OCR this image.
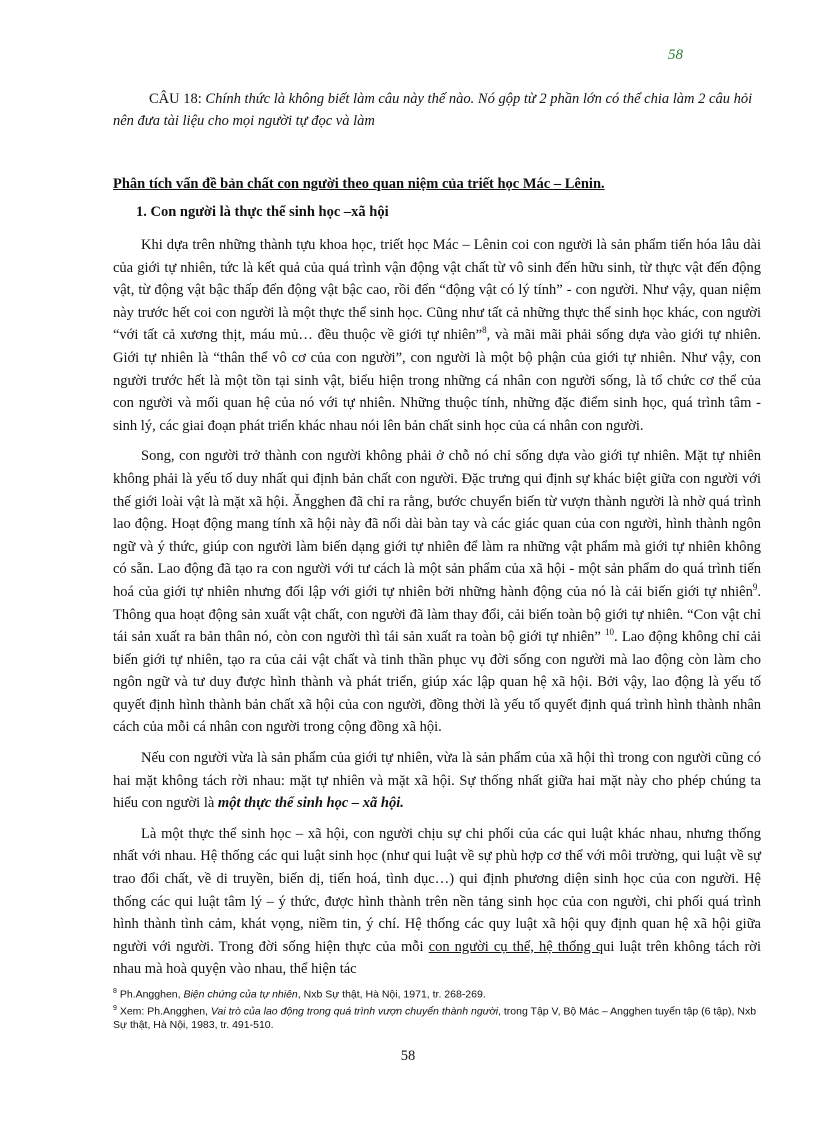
58
CÂU 18: Chính thức là không biết làm câu này thế nào. Nó gộp từ 2 phần lớn có thể chia làm 2 câu hỏi nên đưa tài liệu cho mọi người tự đọc và làm
Phân tích vấn đề bản chất con người theo quan niệm của triết học Mác – Lênin.
1. Con người là thực thể sinh học –xã hội

Khi dựa trên những thành tựu khoa học, triết học Mác – Lênin coi con người là sản phẩm tiến hóa lâu dài của giới tự nhiên, tức là kết quả của quá trình vận động vật chất từ vô sinh đến hữu sinh, từ thực vật đến động vật, từ động vật bậc thấp đến động vật bậc cao, rồi đến “động vật có lý tính” - con người. Như vậy, quan niệm này trước hết coi con người là một thực thể sinh học. Cũng như tất cả những thực thể sinh học khác, con người “với tất cả xương thịt, máu mủ… đều thuộc về giới tự nhiên”$^8$, và mãi mãi phải sống dựa vào giới tự nhiên. Giới tự nhiên là “thân thể vô cơ của con người”, con người là một bộ phận của giới tự nhiên. Như vậy, con người trước hết là một tồn tại sinh vật, biểu hiện trong những cá nhân con người sống, là tổ chức cơ thể của con người và mối quan hệ của nó với tự nhiên. Những thuộc tính, những đặc điểm sinh học, quá trình tâm - sinh lý, các giai đoạn phát triển khác nhau nói lên bản chất sinh học của cá nhân con người.

Song, con người trở thành con người không phải ở chỗ nó chỉ sống dựa vào giới tự nhiên. Mặt tự nhiên không phải là yếu tố duy nhất qui định bản chất con người. Đặc trưng qui định sự khác biệt giữa con người với thế giới loài vật là mặt xã hội. Ăngghen đã chỉ ra rằng, bước chuyển biến từ vượn thành người là nhờ quá trình lao động. Hoạt động mang tính xã hội này đã nối dài bàn tay và các giác quan của con người, hình thành ngôn ngữ và ý thức, giúp con người làm biến dạng giới tự nhiên để làm ra những vật phẩm mà giới tự nhiên không có sẵn. Lao động đã tạo ra con người với tư cách là một sản phẩm của xã hội - một sản phẩm do quá trình tiến hoá của giới tự nhiên nhưng đối lập với giới tự nhiên bởi những hành động của nó là cải biến giới tự nhiên$^9$. Thông qua hoạt động sản xuất vật chất, con người đã làm thay đổi, cải biến toàn bộ giới tự nhiên. “Con vật chỉ tái sản xuất ra bản thân nó, còn con người thì tái sản xuất ra toàn bộ giới tự nhiên” $^{10}$. Lao động không chỉ cải biến giới tự nhiên, tạo ra của cải vật chất và tinh thần phục vụ đời sống con người mà lao động còn làm cho ngôn ngữ và tư duy được hình thành và phát triển, giúp xác lập quan hệ xã hội. Bởi vậy, lao động là yếu tố quyết định hình thành bản chất xã hội của con người, đồng thời là yếu tố quyết định quá trình hình thành nhân cách của mỗi cá nhân con người trong cộng đồng xã hội.

Nếu con người vừa là sản phẩm của giới tự nhiên, vừa là sản phẩm của xã hội thì trong con người cũng có hai mặt không tách rời nhau: mặt tự nhiên và mặt xã hội. Sự thống nhất giữa hai mặt này cho phép chúng ta hiểu con người là một thực thể sinh học – xã hội.

Là một thực thể sinh học – xã hội, con người chịu sự chi phối của các qui luật khác nhau, nhưng thống nhất với nhau. Hệ thống các qui luật sinh học (như qui luật về sự phù hợp cơ thể với môi trường, qui luật về sự trao đổi chất, về di truyền, biến dị, tiến hoá, tình dục…) qui định phương diện sinh học của con người. Hệ thống các qui luật tâm lý – ý thức, được hình thành trên nền tảng sinh học của con người, chi phối quá trình hình thành tình cảm, khát vọng, niềm tin, ý chí. Hệ thống các quy luật xã hội quy định quan hệ xã hội giữa người với người. Trong đời sống hiện thực của mỗi con người cụ thể, hệ thống qui luật trên không tách rời nhau mà hoà quyện vào nhau, thể hiện tác

$^8$ Ph.Angghen, Biện chứng của tự nhiên, Nxb Sự thật, Hà Nội, 1971, tr. 268-269.
$^9$ Xem: Ph.Angghen, Vai trò của lao động trong quá trình vượn chuyển thành người, trong Tập V, Bộ Mác – Angghen tuyển tập (6 tập), Nxb Sự thật, Hà Nội, 1983, tr. 491-510.
58
